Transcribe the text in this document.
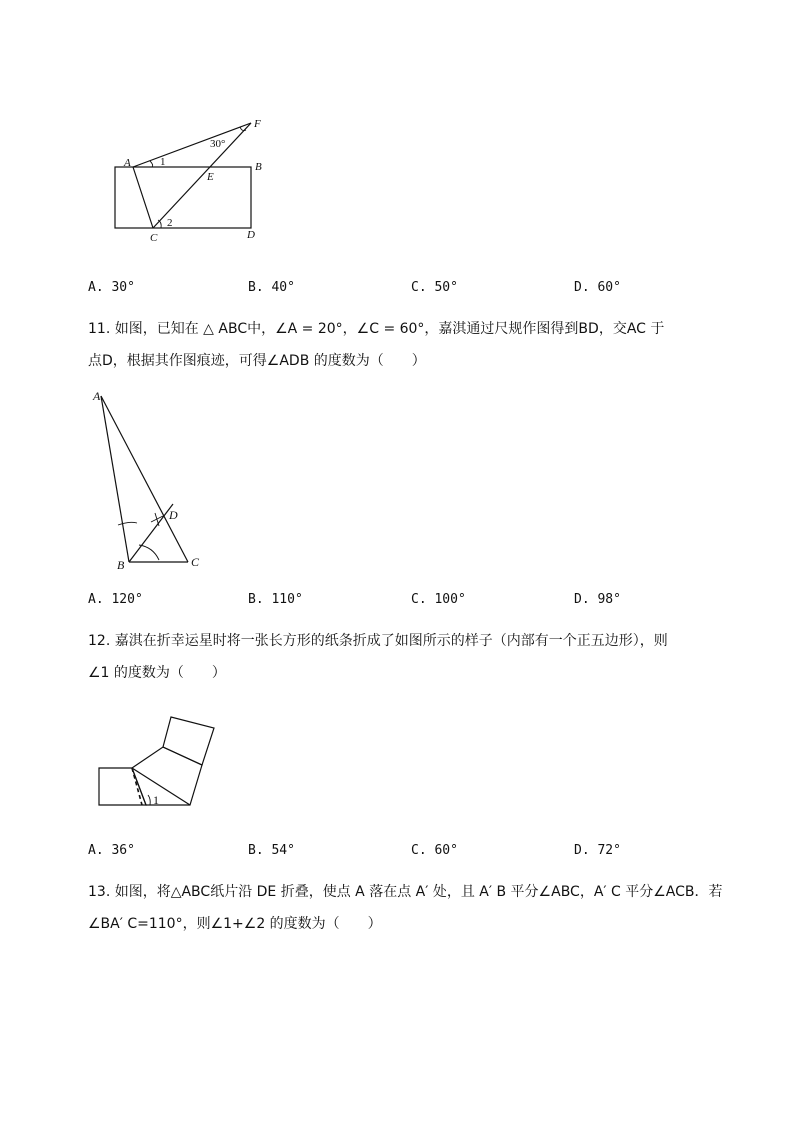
A	B
C	D
E
F
30°
1
2
A. 30°	B. 40°	C. 50°	D. 60°

11. 如图，已知在 △ ABC中，∠A = 20°，∠C = 60°，嘉淇通过尺规作图得到BD，交AC 于

点D，根据其作图痕迹，可得∠ADB 的度数为（　　）

A
B	C
D
A. 120°	B. 110°	C. 100°	D. 98°

12. 嘉淇在折幸运星时将一张长方形的纸条折成了如图所示的样子（内部有一个正五边形），则

∠1 的度数为（　　）

1
A. 36°	B. 54°	C. 60°	D. 72°

13. 如图，将△ABC纸片沿 DE 折叠，使点 A 落在点 A′ 处，且 A′ B 平分∠ABC，A′ C 平分∠ACB．若

∠BA′ C=110°，则∠1+∠2 的度数为（　　）
